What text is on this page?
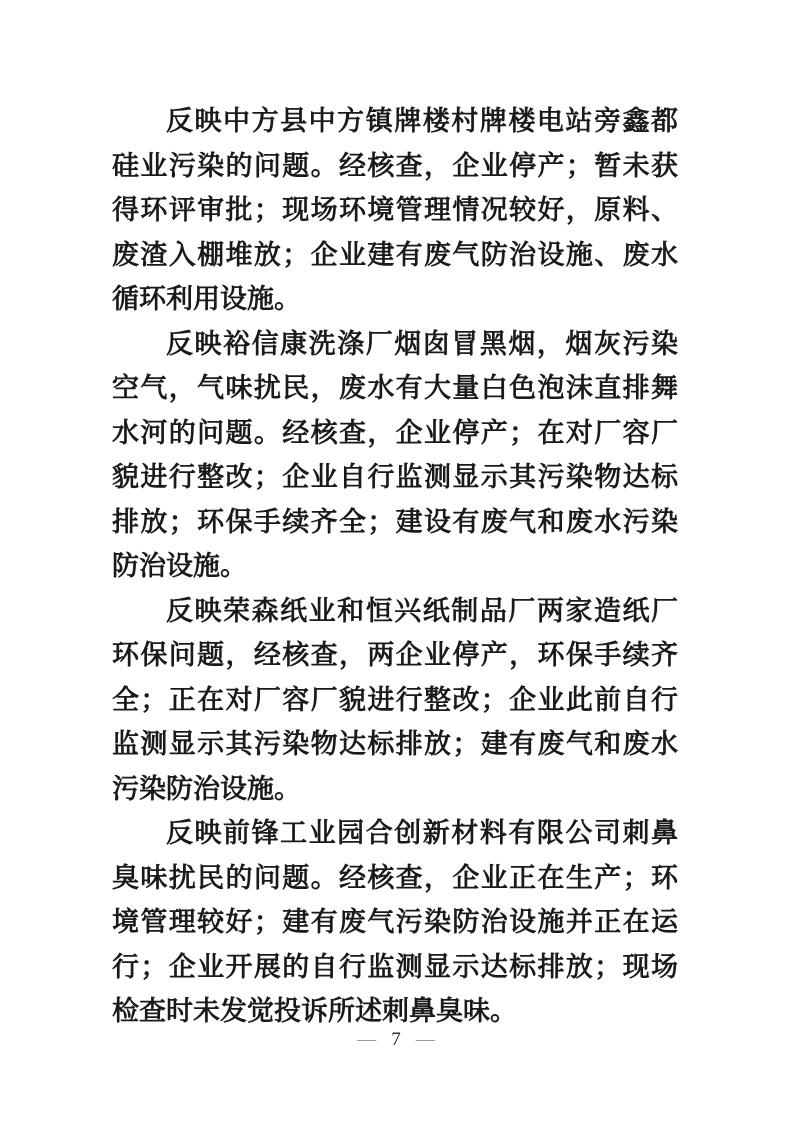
反映中方县中方镇牌楼村牌楼电站旁鑫都硅业污染的问题。经核查，企业停产；暂未获得环评审批；现场环境管理情况较好，原料、废渣入棚堆放；企业建有废气防治设施、废水循环利用设施。

反映裕信康洗涤厂烟囱冒黑烟，烟灰污染空气，气味扰民，废水有大量白色泡沫直排舞水河的问题。经核查，企业停产；在对厂容厂貌进行整改；企业自行监测显示其污染物达标排放；环保手续齐全；建设有废气和废水污染防治设施。

反映荣森纸业和恒兴纸制品厂两家造纸厂环保问题，经核查，两企业停产，环保手续齐全；正在对厂容厂貌进行整改；企业此前自行监测显示其污染物达标排放；建有废气和废水污染防治设施。

反映前锋工业园合创新材料有限公司刺鼻臭味扰民的问题。经核查，企业正在生产；环境管理较好；建有废气污染防治设施并正在运行；企业开展的自行监测显示达标排放；现场检查时未发觉投诉所述刺鼻臭味。

— 7 —
